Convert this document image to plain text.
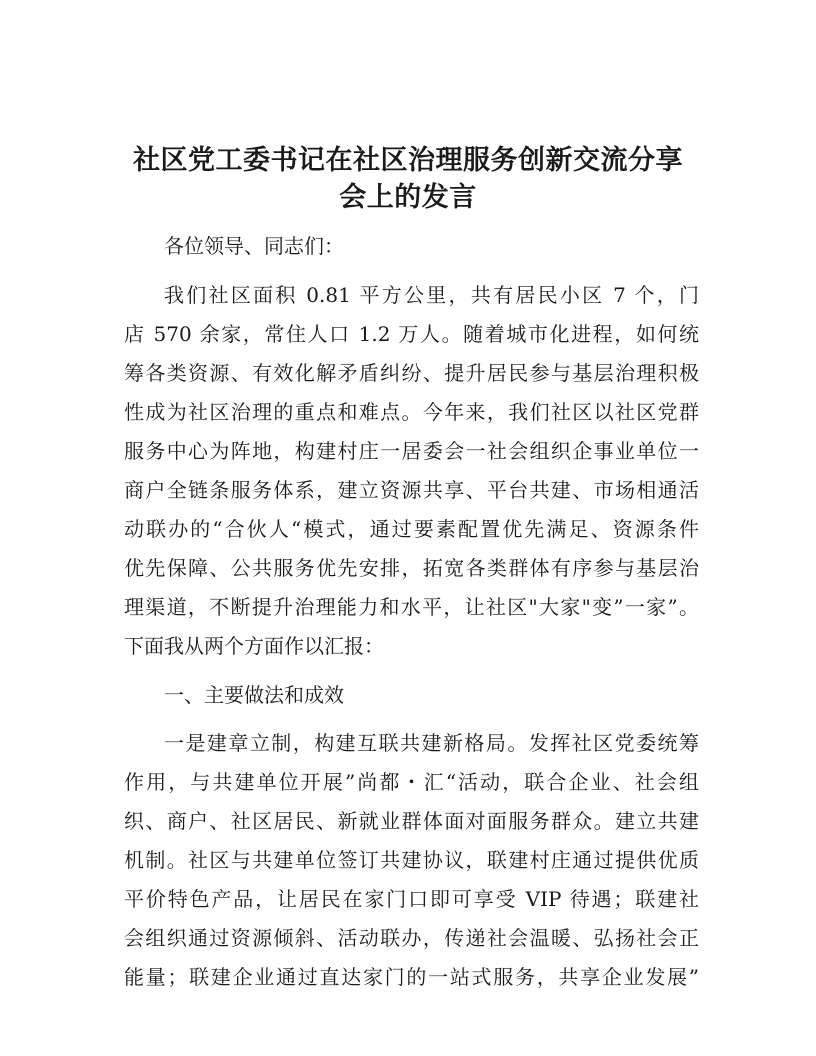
社区党工委书记在社区治理服务创新交流分享
会上的发言

各位领导、同志们：

我们社区面积 0.81 平方公里，共有居民小区 7 个，门

店 570 余家，常住人口 1.2 万人。随着城市化进程，如何统

筹各类资源、有效化解矛盾纠纷、提升居民参与基层治理积极

性成为社区治理的重点和难点。今年来，我们社区以社区党群

服务中心为阵地，构建村庄一居委会一社会组织企事业单位一

商户全链条服务体系，建立资源共享、平台共建、市场相通活

动联办的“合伙人“模式，通过要素配置优先满足、资源条件

优先保障、公共服务优先安排，拓宽各类群体有序参与基层治

理渠道，不断提升治理能力和水平，让社区"大家"变”一家”。

下面我从两个方面作以汇报：

一、主要做法和成效

一是建章立制，构建互联共建新格局。发挥社区党委统筹

作用，与共建单位开展”尚都・汇“活动，联合企业、社会组

织、商户、社区居民、新就业群体面对面服务群众。建立共建

机制。社区与共建单位签订共建协议，联建村庄通过提供优质

平价特色产品，让居民在家门口即可享受 VIP 待遇；联建社

会组织通过资源倾斜、活动联办，传递社会温暖、弘扬社会正

能量；联建企业通过直达家门的一站式服务，共享企业发展”
